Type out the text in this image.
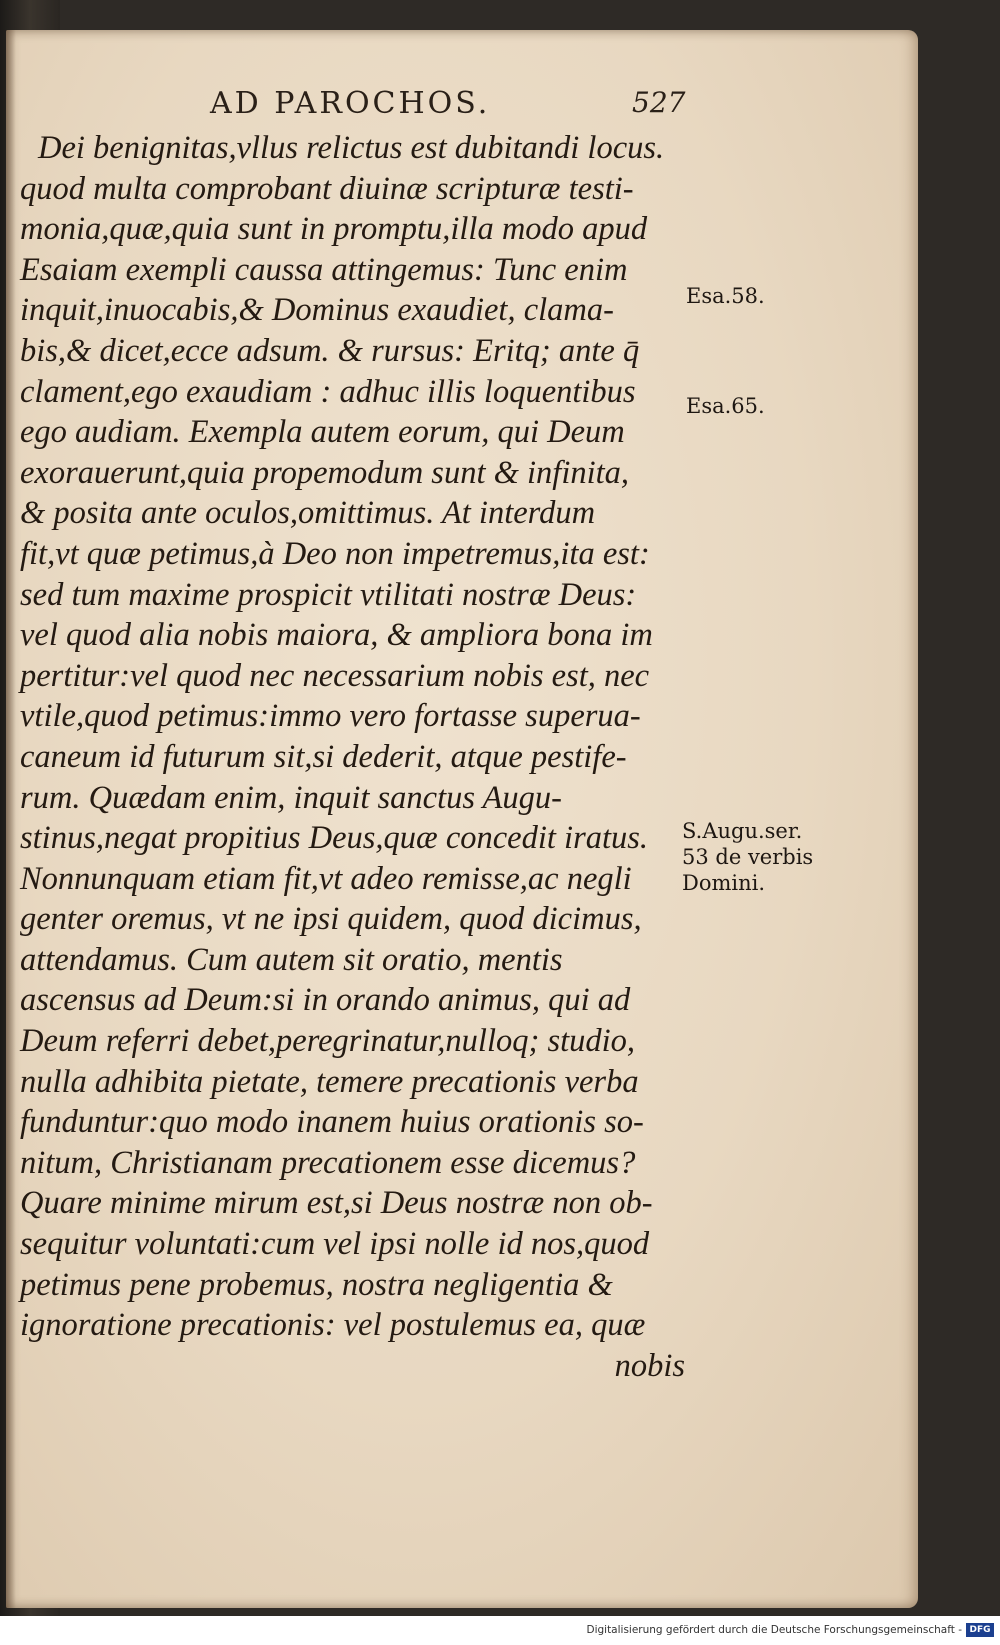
AD PAROCHOS.	527
Dei benignitas,vllus relictus est dubitandi locus.
quod multa comprobant diuinæ scripturæ testi-
monia,quæ,quia sunt in promptu,illa modo apud
Esaiam exempli caussa attingemus: Tunc enim
inquit,inuocabis,& Dominus exaudiet, clama-
bis,& dicet,ecce adsum. & rursus: Eritq; ante q̄
clament,ego exaudiam : adhuc illis loquentibus
ego audiam. Exempla autem eorum, qui Deum
exorauerunt,quia propemodum sunt & infinita,
& posita ante oculos,omittimus. At interdum
fit,vt quæ petimus,à Deo non impetremus,ita est:
sed tum maxime prospicit vtilitati nostræ Deus:
vel quod alia nobis maiora, & ampliora bona im
pertitur:vel quod nec necessarium nobis est, nec
vtile,quod petimus:immo vero fortasse superua-
caneum id futurum sit,si dederit, atque pestife-
rum. Quædam enim, inquit sanctus Augu-
stinus,negat propitius Deus,quæ concedit iratus.
Nonnunquam etiam fit,vt adeo remisse,ac negli
genter oremus, vt ne ipsi quidem, quod dicimus,
attendamus. Cum autem sit oratio, mentis
ascensus ad Deum:si in orando animus, qui ad
Deum referri debet,peregrinatur,nulloq; studio,
nulla adhibita pietate, temere precationis verba
funduntur:quo modo inanem huius orationis so-
nitum, Christianam precationem esse dicemus?
Quare minime mirum est,si Deus nostræ non ob-
sequitur voluntati:cum vel ipsi nolle id nos,quod
petimus pene probemus, nostra negligentia &
ignoratione precationis: vel postulemus ea, quæ
nobis
Esa.58.
Esa.65.
S.Augu.ser.
53 de verbis
Domini.
Digitalisierung gefördert durch die Deutsche Forschungsgemeinschaft - DFG
